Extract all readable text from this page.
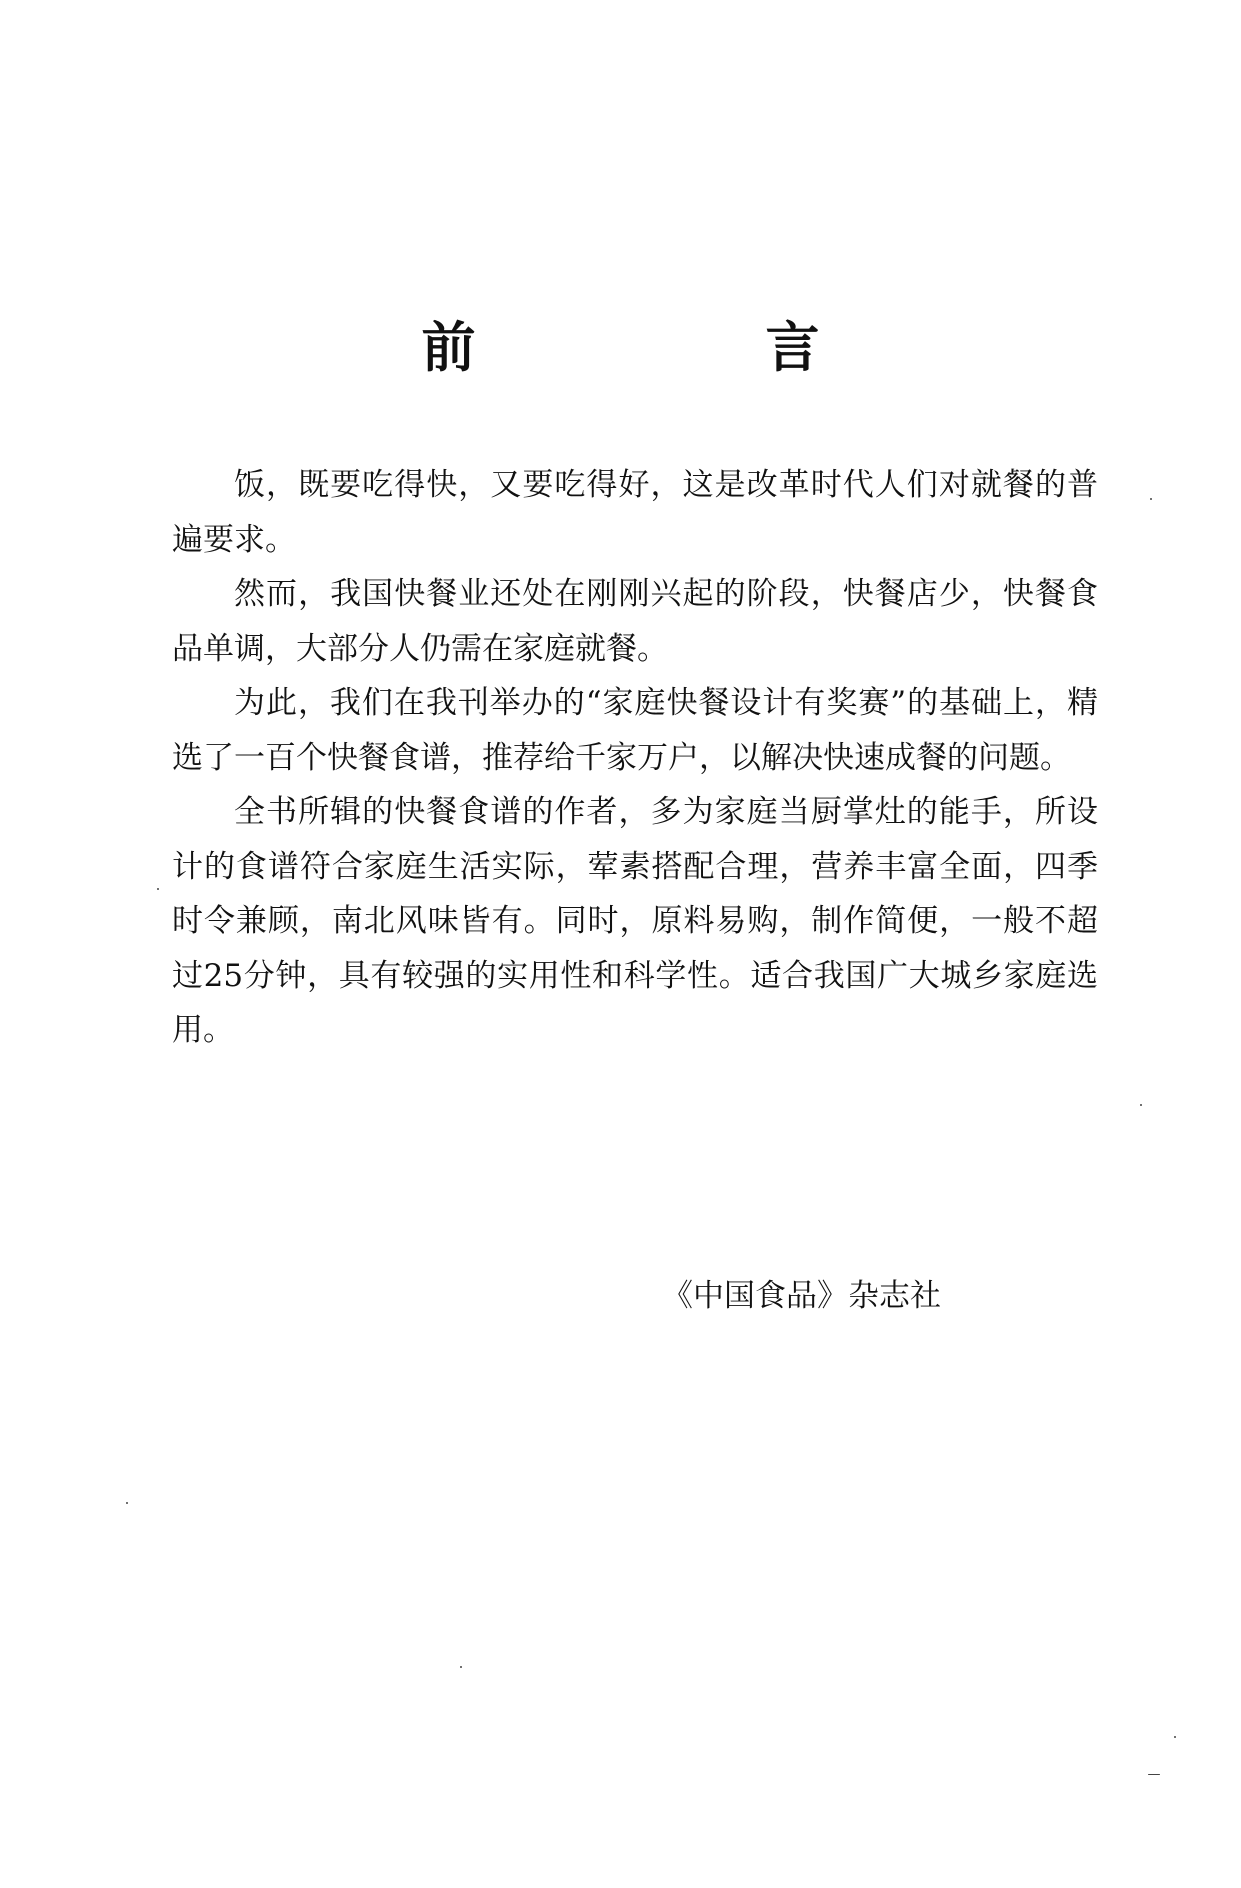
前　言

饭，既要吃得快，又要吃得好，这是改革时代人们对就餐的普遍要求。

然而，我国快餐业还处在刚刚兴起的阶段，快餐店少，快餐食品单调，大部分人仍需在家庭就餐。

为此，我们在我刊举办的“家庭快餐设计有奖赛”的基础上，精选了一百个快餐食谱，推荐给千家万户，以解决快速成餐的问题。

全书所辑的快餐食谱的作者，多为家庭当厨掌灶的能手，所设计的食谱符合家庭生活实际，荤素搭配合理，营养丰富全面，四季时令兼顾，南北风味皆有。同时，原料易购，制作简便，一般不超过25分钟，具有较强的实用性和科学性。适合我国广大城乡家庭选用。

《中国食品》杂志社
